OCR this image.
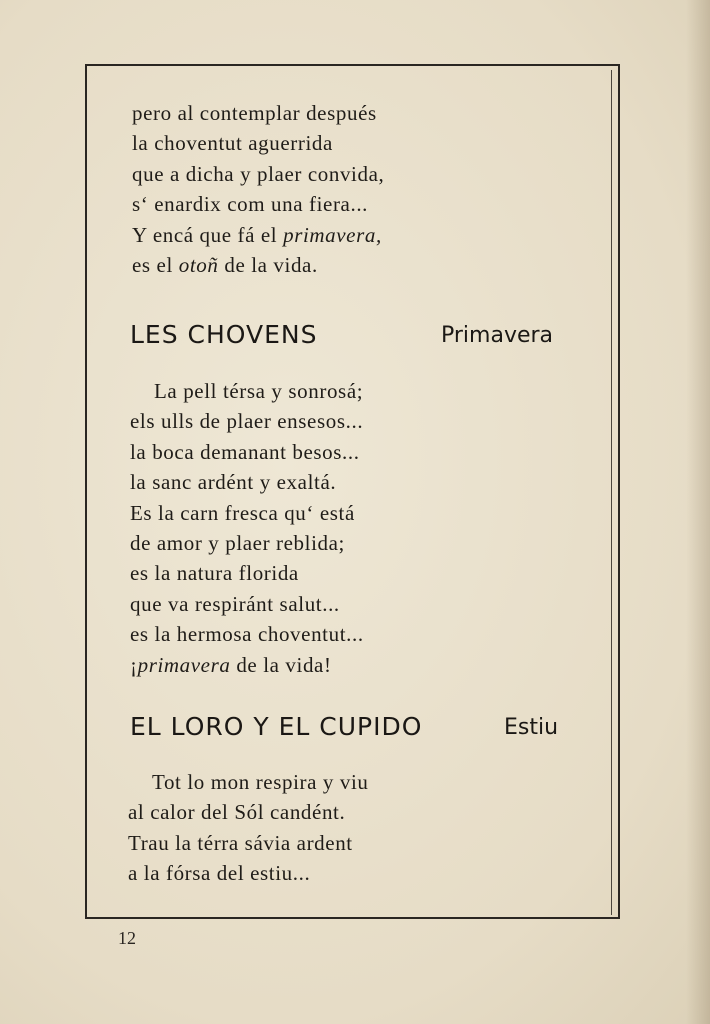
pero al contemplar después
la choventut aguerrida
que a dicha y plaer convida,
s‘ enardix com una fiera...
Y encá que fá el primavera,
es el otoñ de la vida.
LES CHOVENS	Primavera
La pell térsa y sonrosá;
els ulls de plaer ensesos...
la boca demanant besos...
la sanc ardént y exaltá.
Es la carn fresca qu‘ está
de amor y plaer reblida;
es la natura florida
que va respiránt salut...
es la hermosa choventut...
¡primavera de la vida!
EL LORO Y EL CUPIDO	Estiu
Tot lo mon respira y viu
al calor del Sól candént.
Trau la térra sávia ardent
a la fórsa del estiu...
12
